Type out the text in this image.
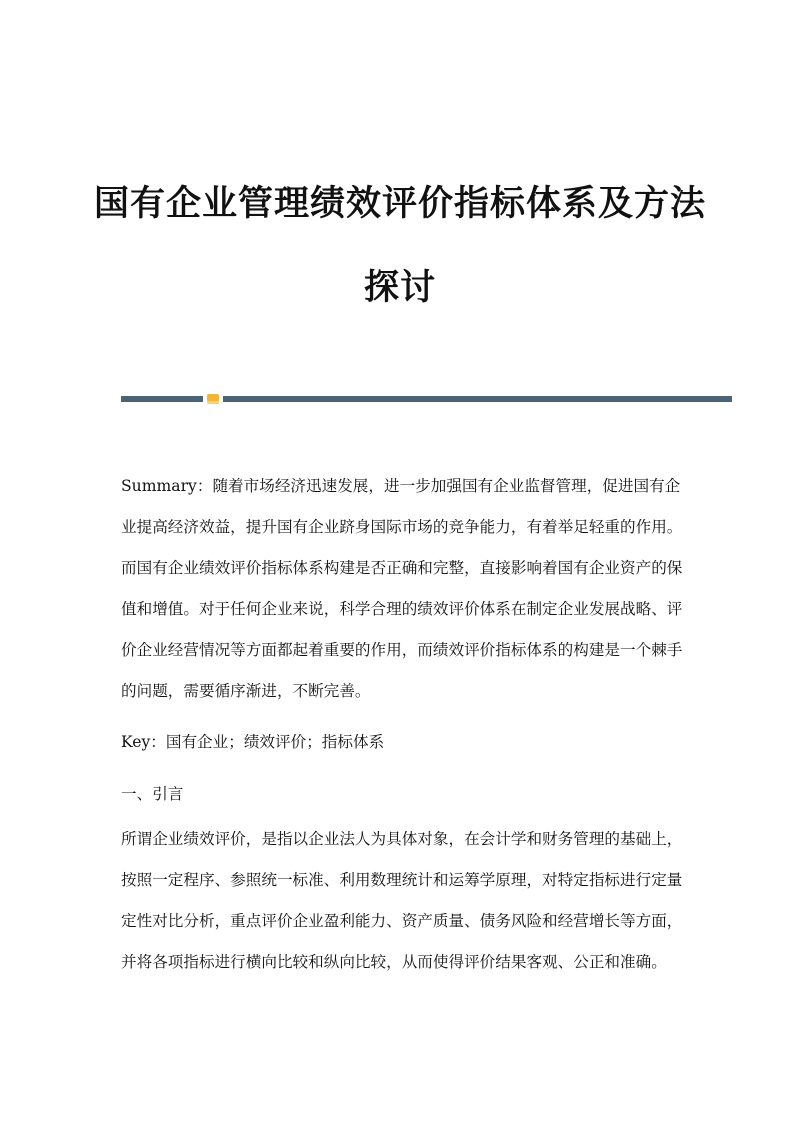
国有企业管理绩效评价指标体系及方法
探讨

Summary：随着市场经济迅速发展，进一步加强国有企业监督管理，促进国有企业提高经济效益，提升国有企业跻身国际市场的竞争能力，有着举足轻重的作用。而国有企业绩效评价指标体系构建是否正确和完整，直接影响着国有企业资产的保值和增值。对于任何企业来说，科学合理的绩效评价体系在制定企业发展战略、评价企业经营情况等方面都起着重要的作用，而绩效评价指标体系的构建是一个棘手的问题，需要循序渐进，不断完善。

Key：国有企业；绩效评价；指标体系

一、引言

所谓企业绩效评价，是指以企业法人为具体对象，在会计学和财务管理的基础上，按照一定程序、参照统一标准、利用数理统计和运筹学原理，对特定指标进行定量定性对比分析，重点评价企业盈利能力、资产质量、债务风险和经营增长等方面，并将各项指标进行横向比较和纵向比较，从而使得评价结果客观、公正和准确。
